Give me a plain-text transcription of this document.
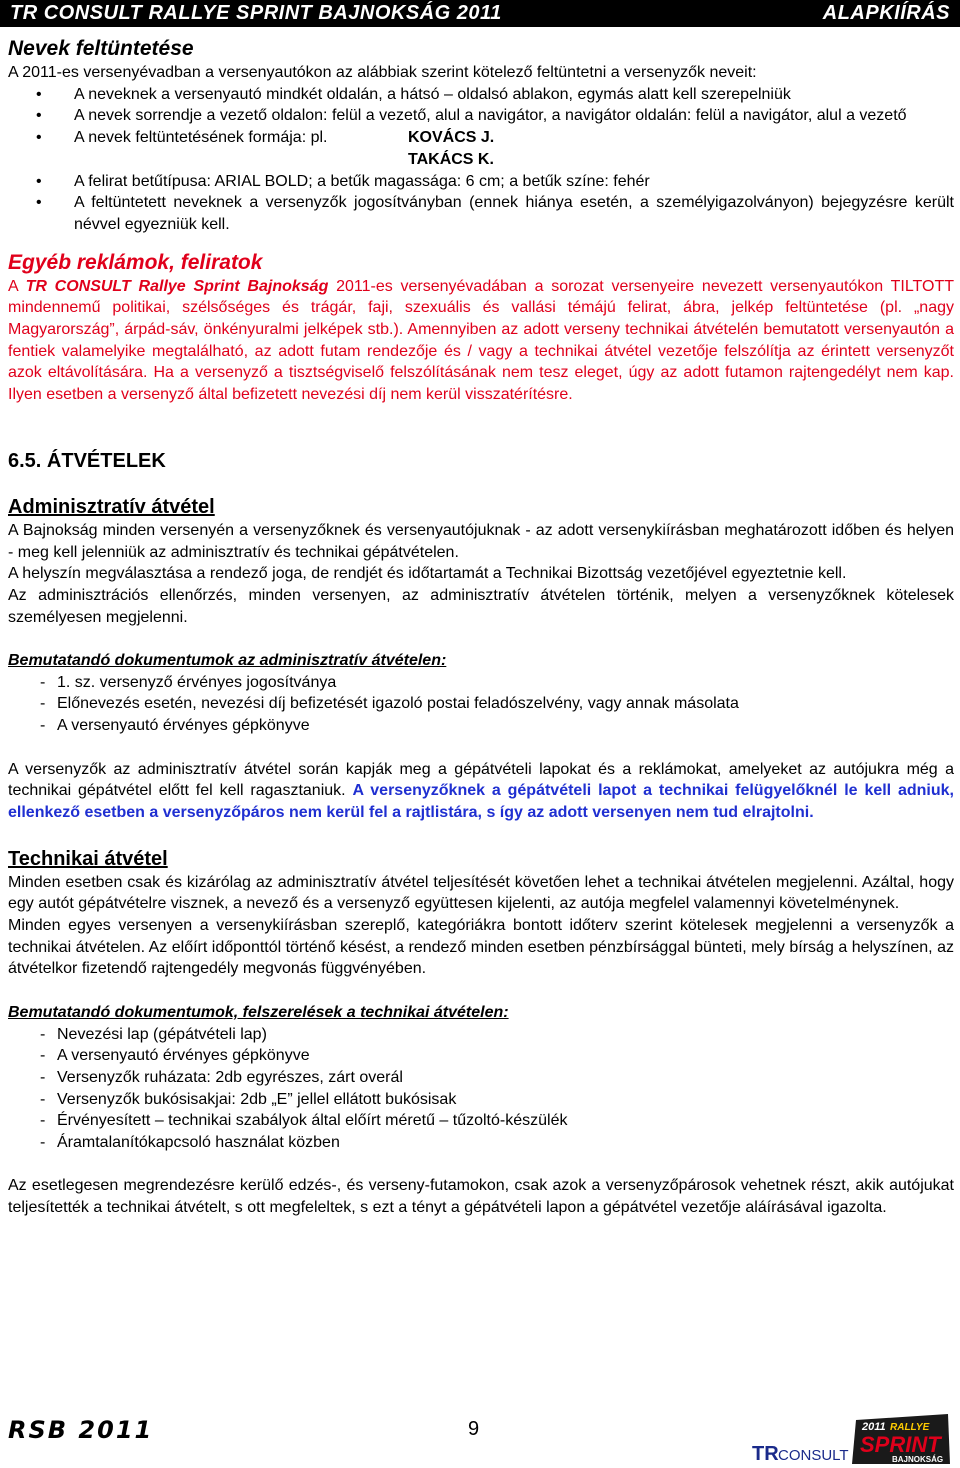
TR CONSULT RALLYE SPRINT BAJNOKSÁG 2011	ALAPKIÍRÁS
Nevek feltüntetése
A 2011-es versenyévadban a versenyautókon az alábbiak szerint kötelező feltüntetni a versenyzők neveit:
• A neveknek a versenyautó mindkét oldalán, a hátsó – oldalsó ablakon, egymás alatt kell szerepelniük
• A nevek sorrendje a vezető oldalon: felül a vezető, alul a navigátor, a navigátor oldalán: felül a navigátor, alul a vezető
• A nevek feltüntetésének formája: pl.	KOVÁCS J.
TAKÁCS K.
• A felirat betűtípusa: ARIAL BOLD; a betűk magassága: 6 cm; a betűk színe: fehér
• A feltüntetett neveknek a versenyzők jogosítványban (ennek hiánya esetén, a személyigazolványon) bejegyzésre került névvel egyezniük kell.
Egyéb reklámok, feliratok
A TR CONSULT Rallye Sprint Bajnokság 2011-es versenyévadában a sorozat versenyeire nevezett versenyautókon TILTOTT mindennemű politikai, szélsőséges és trágár, faji, szexuális és vallási témájú felirat, ábra, jelkép feltüntetése (pl. „nagy Magyarország”, árpád-sáv, önkényuralmi jelképek stb.). Amennyiben az adott verseny technikai átvételén bemutatott versenyautón a fentiek valamelyike megtalálható, az adott futam rendezője és / vagy a technikai átvétel vezetője felszólítja az érintett versenyzőt azok eltávolítására. Ha a versenyző a tisztségviselő felszólításának nem tesz eleget, úgy az adott futamon rajtengedélyt nem kap. Ilyen esetben a versenyző által befizetett nevezési díj nem kerül visszatérítésre.
6.5. ÁTVÉTELEK
Adminisztratív átvétel
A Bajnokság minden versenyén a versenyzőknek és versenyautójuknak - az adott versenykiírásban meghatározott időben és helyen - meg kell jelenniük az adminisztratív és technikai gépátvételen.
A helyszín megválasztása a rendező joga, de rendjét és időtartamát a Technikai Bizottság vezetőjével egyeztetnie kell.
Az adminisztrációs ellenőrzés, minden versenyen, az adminisztratív átvételen történik, melyen a versenyzőknek kötelesek személyesen megjelenni.
Bemutatandó dokumentumok az adminisztratív átvételen:
- 1. sz. versenyző érvényes jogosítványa
- Előnevezés esetén, nevezési díj befizetését igazoló postai feladószelvény, vagy annak másolata
- A versenyautó érvényes gépkönyve
A versenyzők az adminisztratív átvétel során kapják meg a gépátvételi lapokat és a reklámokat, amelyeket az autójukra még a technikai gépátvétel előtt fel kell ragasztaniuk. A versenyzőknek a gépátvételi lapot a technikai felügyelőknél le kell adniuk, ellenkező esetben a versenyzőpáros nem kerül fel a rajtlistára, s így az adott versenyen nem tud elrajtolni.
Technikai átvétel
Minden esetben csak és kizárólag az adminisztratív átvétel teljesítését követően lehet a technikai átvételen megjelenni. Azáltal, hogy egy autót gépátvételre visznek, a nevező és a versenyző együttesen kijelenti, az autója megfelel valamennyi követelménynek.
Minden egyes versenyen a versenykiírásban szereplő, kategóriákra bontott időterv szerint kötelesek megjelenni a versenyzők a technikai átvételen. Az előírt időponttól történő késést, a rendező minden esetben pénzbírsággal bünteti, mely bírság a helyszínen, az átvételkor fizetendő rajtengedély megvonás függvényében.
Bemutatandó dokumentumok, felszerelések a technikai átvételen:
- Nevezési lap (gépátvételi lap)
- A versenyautó érvényes gépkönyve
- Versenyzők ruházata: 2db egyrészes, zárt overál
- Versenyzők bukósisakjai: 2db „E” jellel ellátott bukósisak
- Érvényesített – technikai szabályok által előírt méretű – tűzoltó-készülék
- Áramtalanítókapcsoló használat közben
Az esetlegesen megrendezésre kerülő edzés-, és verseny-futamokon, csak azok a versenyzőpárosok vehetnek részt, akik autójukat teljesítették a technikai átvételt, s ott megfeleltek, s ezt a tényt a gépátvételi lapon a gépátvétel vezetője aláírásával igazolta.
RSB 2011	9
TR CONSULT
2011 RALLYE
SPRINT
BAJNOKSÁG
